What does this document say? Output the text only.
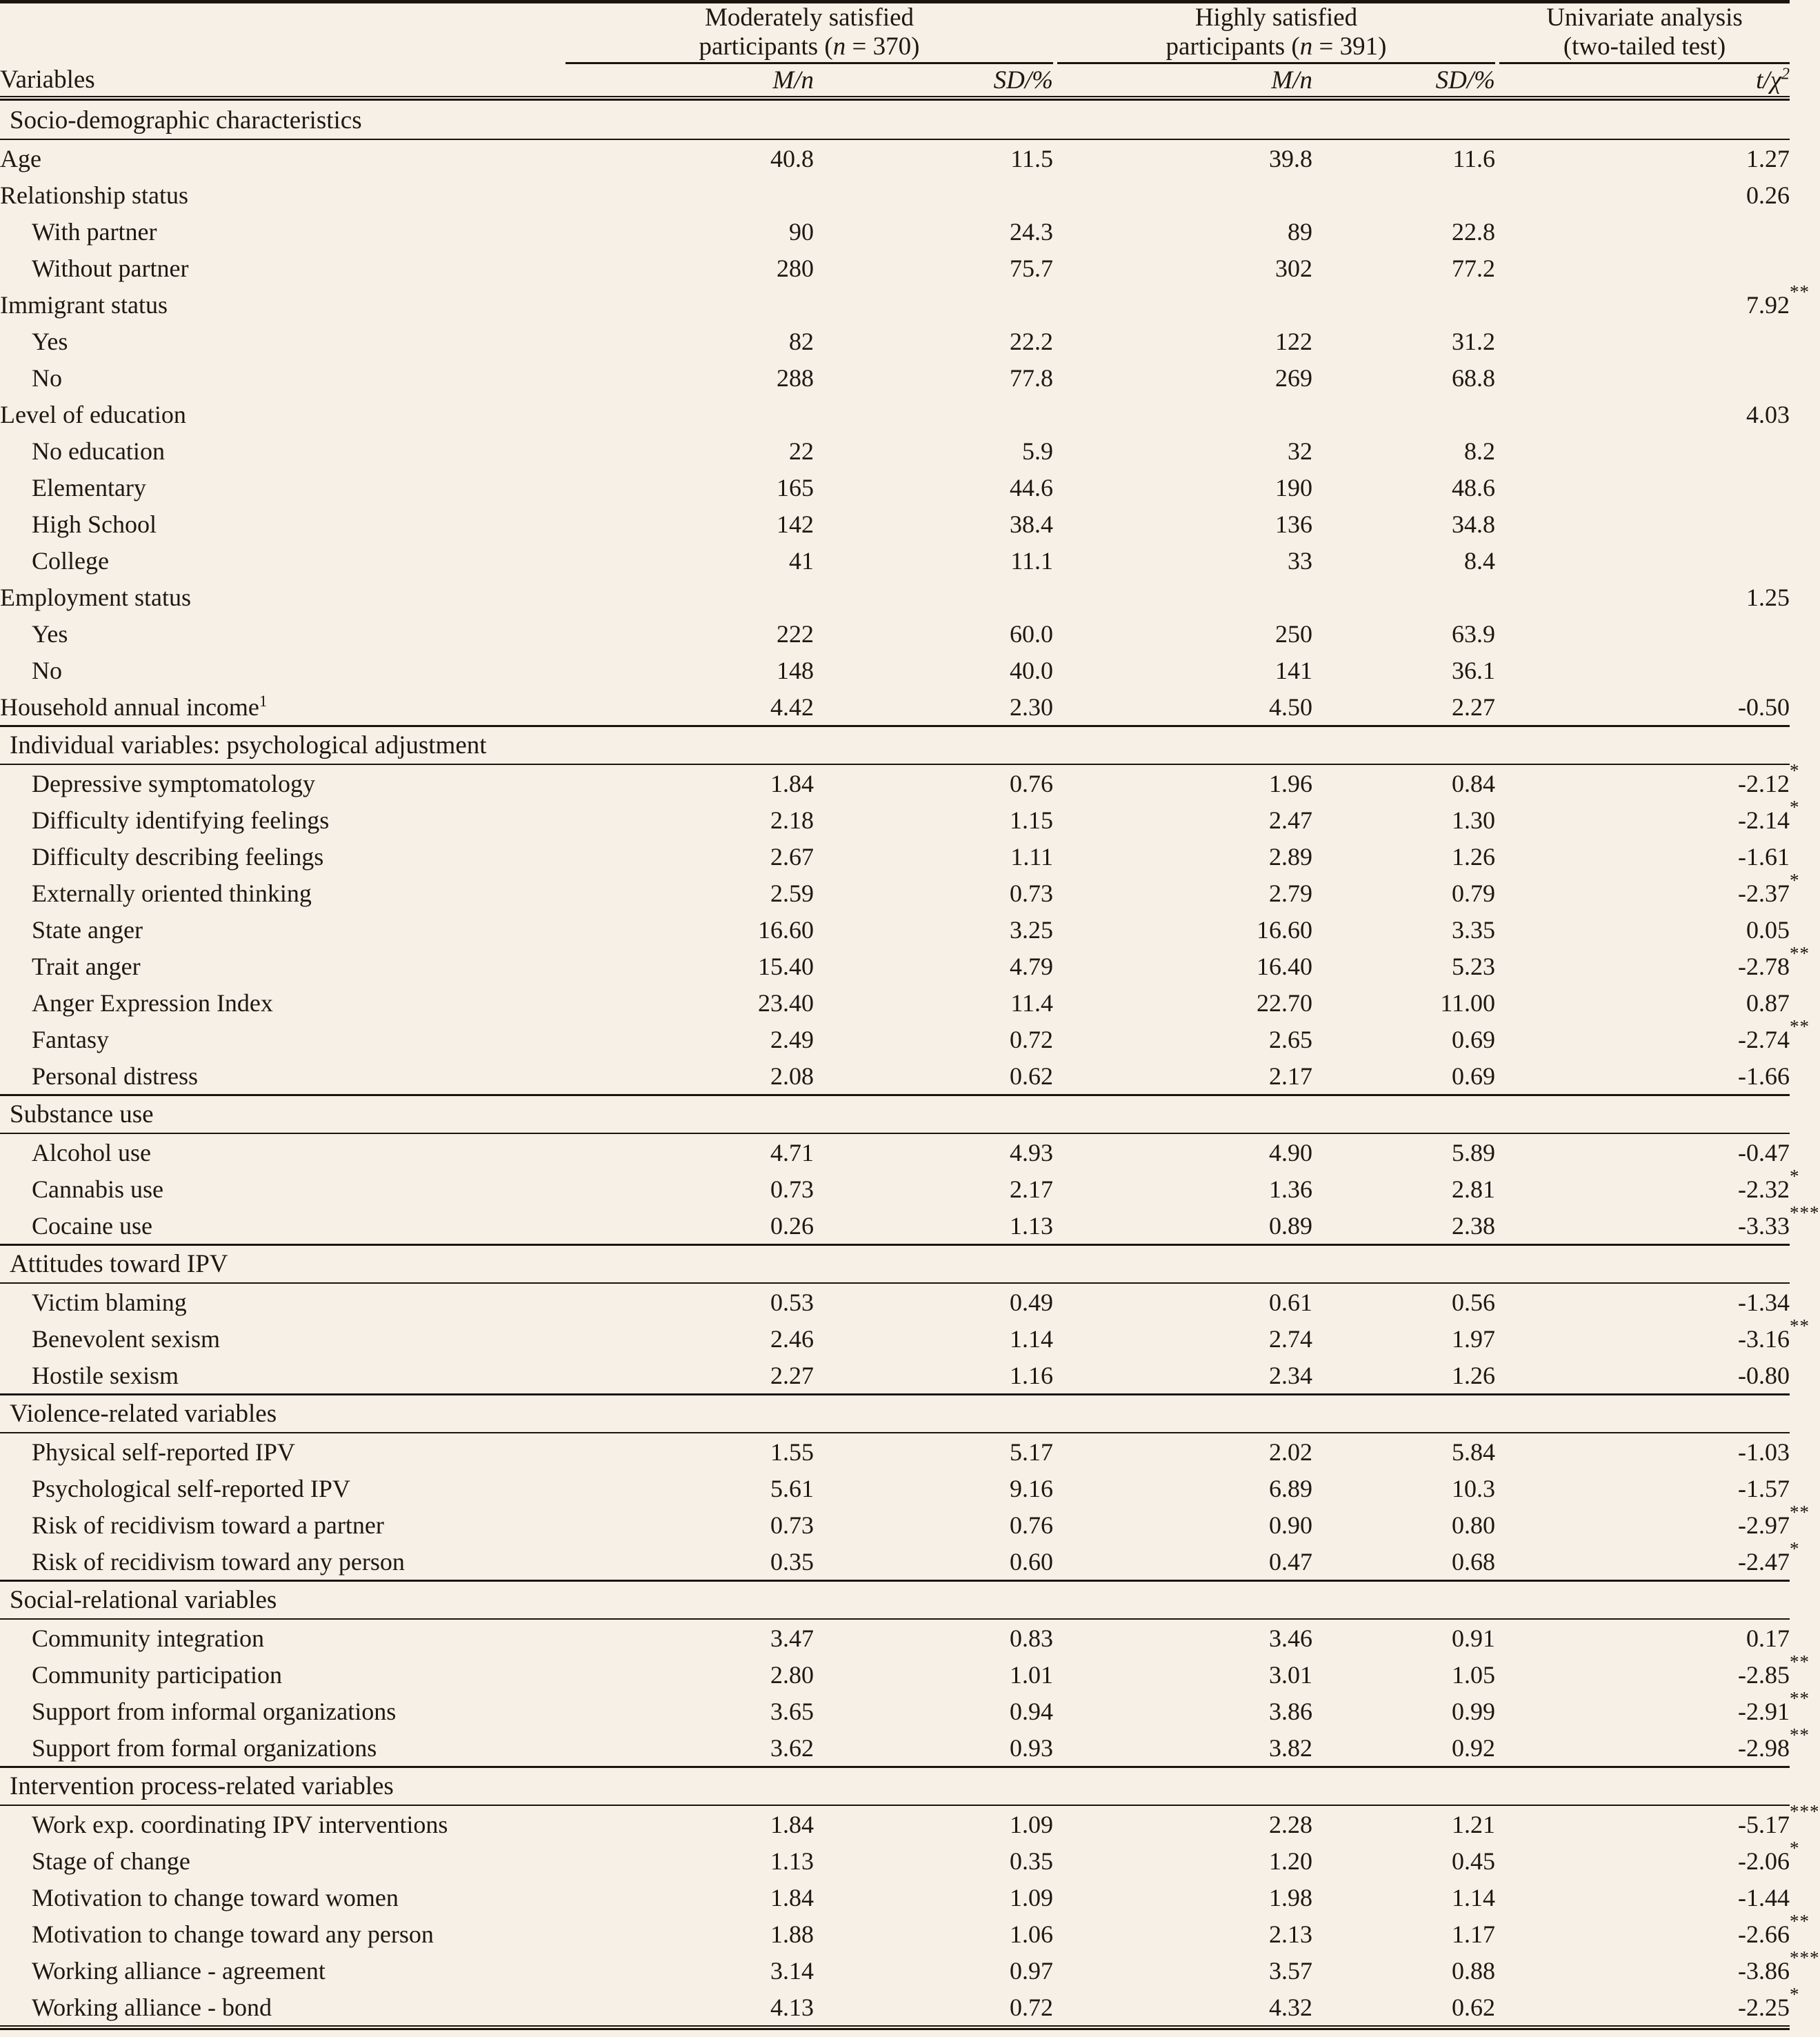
Moderately satisfied
participants (n = 370)

Highly satisfied
participants (n = 391)

Univariate analysis
(two-tailed test)

Variables	M/n	SD/%		M/n	SD/%		$t/\chi^2$

Socio-demographic characteristics							
Age	40.8	11.5		39.8	11.6		1.27
Relationship status							0.26
With partner	90	24.3		89	22.8		
Without partner	280	75.7		302	77.2		
Immigrant status							7.92 **

Yes	82	22.2		122	31.2		
No	288	77.8		269	68.8		
Level of education							4.03
No education	22	5.9		32	8.2		
Elementary	165	44.6		190	48.6		
High School	142	38.4		136	34.8		
College	41	11.1		33	8.4		
Employment status							1.25
Yes	222	60.0		250	63.9		
No	148	40.0		141	36.1		
Household annual income$^1$	4.42	2.30		4.50	2.27		-0.50
Individual variables: psychological adjustment							
Depressive symptomatology	1.84	0.76		1.96	0.84		-2.12 *

Difficulty identifying feelings	2.18	1.15		2.47	1.30		-2.14 *

Difficulty describing feelings	2.67	1.11		2.89	1.26		-1.61
Externally oriented thinking	2.59	0.73		2.79	0.79		-2.37 *

State anger	16.60	3.25		16.60	3.35		0.05
Trait anger	15.40	4.79		16.40	5.23		-2.78 **

Anger Expression Index	23.40	11.4		22.70	11.00		0.87
Fantasy	2.49	0.72		2.65	0.69		-2.74 **

Personal distress	2.08	0.62		2.17	0.69		-1.66
Substance use							
Alcohol use	4.71	4.93		4.90	5.89		-0.47
Cannabis use	0.73	2.17		1.36	2.81		-2.32 *

Cocaine use	0.26	1.13		0.89	2.38		-3.33 ***

Attitudes toward IPV							
Victim blaming	0.53	0.49		0.61	0.56		-1.34
Benevolent sexism	2.46	1.14		2.74	1.97		-3.16 **

Hostile sexism	2.27	1.16		2.34	1.26		-0.80
Violence-related variables							
Physical self-reported IPV	1.55	5.17		2.02	5.84		-1.03
Psychological self-reported IPV	5.61	9.16		6.89	10.3		-1.57
Risk of recidivism toward a partner	0.73	0.76		0.90	0.80		-2.97 **

Risk of recidivism toward any person	0.35	0.60		0.47	0.68		-2.47 *

Social-relational variables							
Community integration	3.47	0.83		3.46	0.91		0.17
Community participation	2.80	1.01		3.01	1.05		-2.85 **

Support from informal organizations	3.65	0.94		3.86	0.99		-2.91 **

Support from formal organizations	3.62	0.93		3.82	0.92		-2.98 **

Intervention process-related variables							
Work exp. coordinating IPV interventions	1.84	1.09		2.28	1.21		-5.17 ***

Stage of change	1.13	0.35		1.20	0.45		-2.06 *

Motivation to change toward women	1.84	1.09		1.98	1.14		-1.44
Motivation to change toward any person	1.88	1.06		2.13	1.17		-2.66 **

Working alliance - agreement	3.14	0.97		3.57	0.88		-3.86 ***

Working alliance - bond	4.13	0.72		4.32	0.62		-2.25 *
